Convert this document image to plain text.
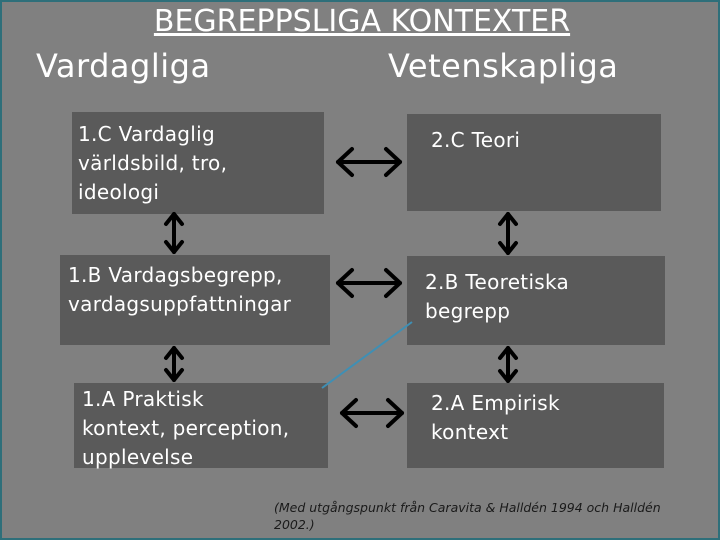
BEGREPPSLIGA KONTEXTER
Vardagliga	Vetenskapliga
1.C Vardaglig
världsbild, tro,
ideologi
1.B Vardagsbegrepp,
vardagsuppfattningar
1.A Praktisk
kontext, perception,
upplevelse
2.C Teori
2.B Teoretiska
begrepp
2.A Empirisk
kontext
(Med utgångspunkt från Caravita & Halldén 1994 och Halldén 2002.)
